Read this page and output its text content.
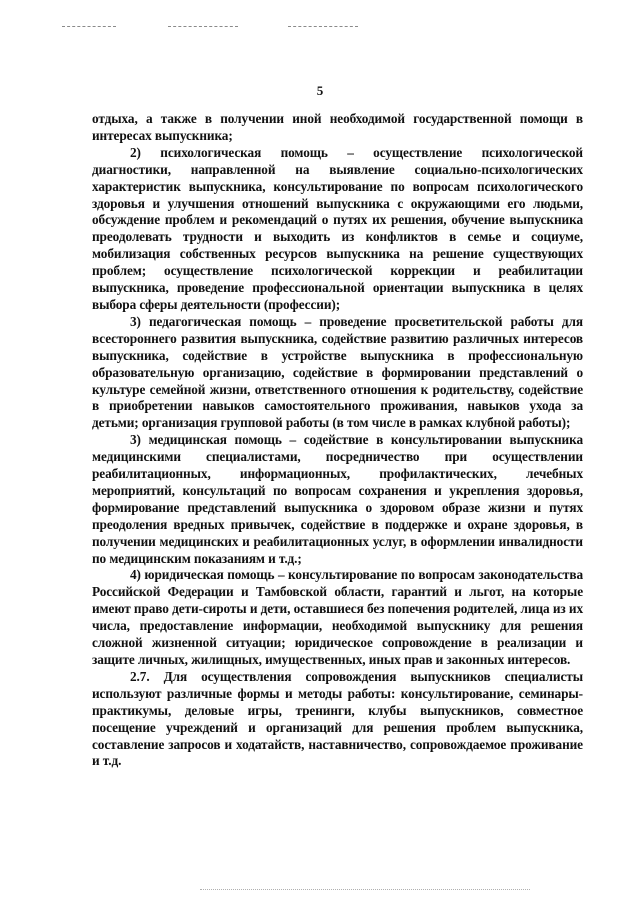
5

отдыха, а также в получении иной необходимой государственной помощи в интересах выпускника;

2) психологическая помощь – осуществление психологической диагностики, направленной на выявление социально-психологических характеристик выпускника, консультирование по вопросам психологического здоровья и улучшения отношений выпускника с окружающими его людьми, обсуждение проблем и рекомендаций о путях их решения, обучение выпускника преодолевать трудности и выходить из конфликтов в семье и социуме, мобилизация собственных ресурсов выпускника на решение существующих проблем; осуществление психологической коррекции и реабилитации выпускника, проведение профессиональной ориентации выпускника в целях выбора сферы деятельности (профессии);

3) педагогическая помощь – проведение просветительской работы для всестороннего развития выпускника, содействие развитию различных интересов выпускника, содействие в устройстве выпускника в профессиональную образовательную организацию, содействие в формировании представлений о культуре семейной жизни, ответственного отношения к родительству, содействие в приобретении навыков самостоятельного проживания, навыков ухода за детьми; организация групповой работы (в том числе в рамках клубной работы);

3) медицинская помощь – содействие в консультировании выпускника медицинскими специалистами, посредничество при осуществлении реабилитационных, информационных, профилактических, лечебных мероприятий, консультаций по вопросам сохранения и укрепления здоровья, формирование представлений выпускника о здоровом образе жизни и путях преодоления вредных привычек, содействие в поддержке и охране здоровья, в получении медицинских и реабилитационных услуг, в оформлении инвалидности по медицинским показаниям и т.д.;

4) юридическая помощь – консультирование по вопросам законодательства Российской Федерации и Тамбовской области, гарантий и льгот, на которые имеют право дети-сироты и дети, оставшиеся без попечения родителей, лица из их числа, предоставление информации, необходимой выпускнику для решения сложной жизненной ситуации; юридическое сопровождение в реализации и защите личных, жилищных, имущественных, иных прав и законных интересов.

2.7. Для осуществления сопровождения выпускников специалисты используют различные формы и методы работы: консультирование, семинары-практикумы, деловые игры, тренинги, клубы выпускников, совместное посещение учреждений и организаций для решения проблем выпускника, составление запросов и ходатайств, наставничество, сопровождаемое проживание и т.д.
